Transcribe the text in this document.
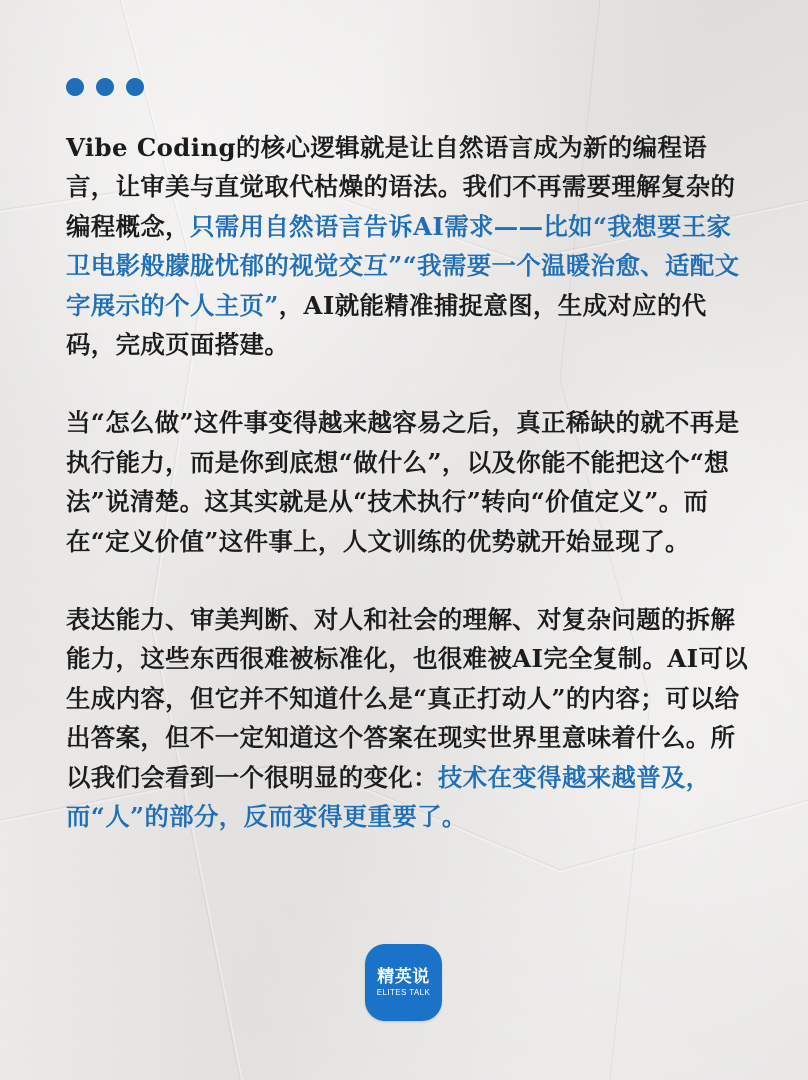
Vibe Coding的核心逻辑就是让自然语言成为新的编程语言，让审美与直觉取代枯燥的语法。我们不再需要理解复杂的编程概念，只需用自然语言告诉AI需求——比如“我想要王家卫电影般朦胧忧郁的视觉交互”“我需要一个温暖治愈、适配文字展示的个人主页”，AI就能精准捕捉意图，生成对应的代码，完成页面搭建。

当“怎么做”这件事变得越来越容易之后，真正稀缺的就不再是执行能力，而是你到底想“做什么”，以及你能不能把这个“想法”说清楚。这其实就是从“技术执行”转向“价值定义”。而在“定义价值”这件事上，人文训练的优势就开始显现了。

表达能力、审美判断、对人和社会的理解、对复杂问题的拆解能力，这些东西很难被标准化，也很难被AI完全复制。AI可以生成内容，但它并不知道什么是“真正打动人”的内容；可以给出答案，但不一定知道这个答案在现实世界里意味着什么。所以我们会看到一个很明显的变化：技术在变得越来越普及，而“人”的部分，反而变得更重要了。

精英说
ELITES TALK
